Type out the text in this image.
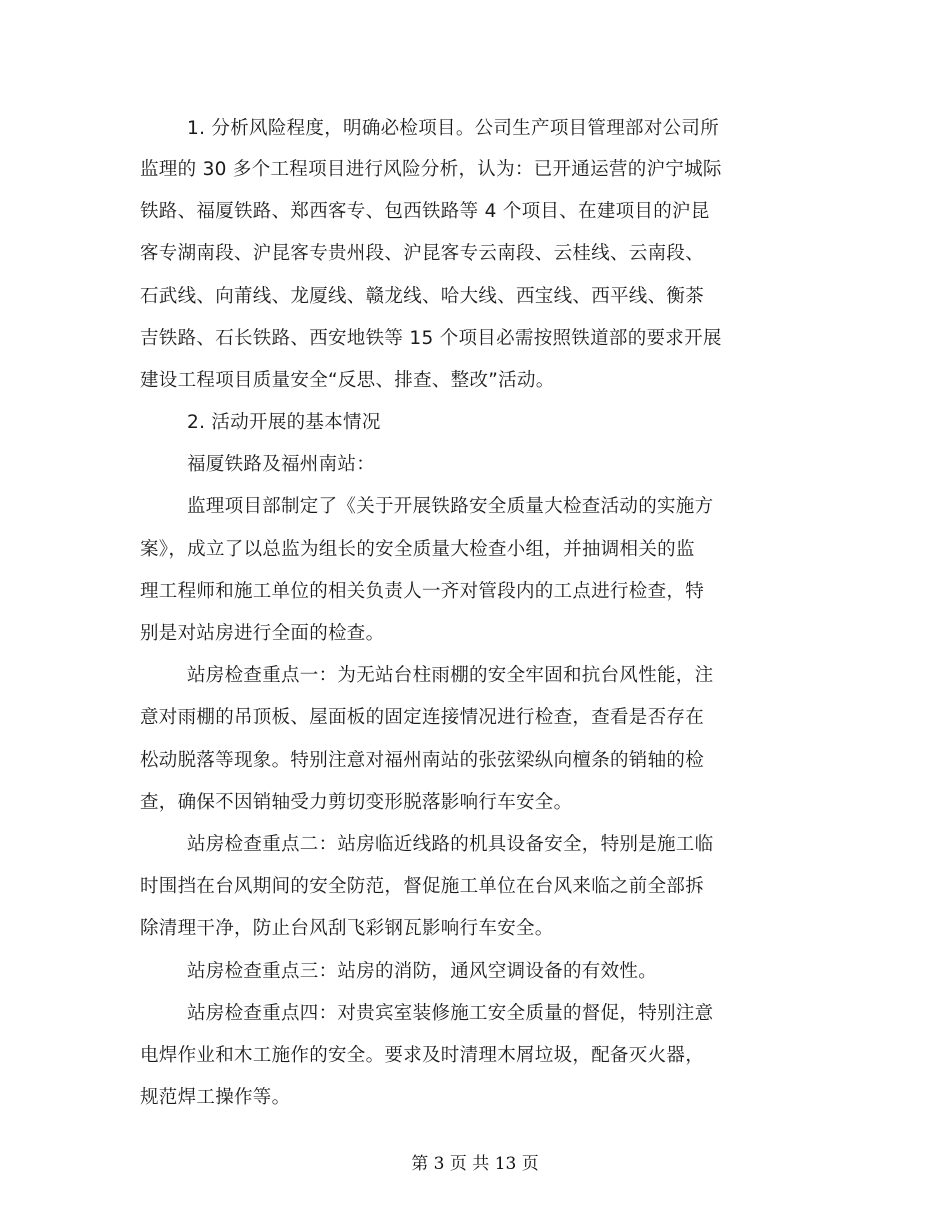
1. 分析风险程度，明确必检项目。公司生产项目管理部对公司所
监理的 30 多个工程项目进行风险分析，认为：已开通运营的沪宁城际
铁路、福厦铁路、郑西客专、包西铁路等 4 个项目、在建项目的沪昆
客专湖南段、沪昆客专贵州段、沪昆客专云南段、云桂线、云南段、
石武线、向莆线、龙厦线、赣龙线、哈大线、西宝线、西平线、衡茶
吉铁路、石长铁路、西安地铁等 15 个项目必需按照铁道部的要求开展
建设工程项目质量安全“反思、排查、整改”活动。
2. 活动开展的基本情况
福厦铁路及福州南站：
监理项目部制定了《关于开展铁路安全质量大检查活动的实施方
案》，成立了以总监为组长的安全质量大检查小组，并抽调相关的监
理工程师和施工单位的相关负责人一齐对管段内的工点进行检查，特
别是对站房进行全面的检查。
站房检查重点一：为无站台柱雨棚的安全牢固和抗台风性能，注
意对雨棚的吊顶板、屋面板的固定连接情况进行检查，查看是否存在
松动脱落等现象。特别注意对福州南站的张弦梁纵向檀条的销轴的检
查，确保不因销轴受力剪切变形脱落影响行车安全。
站房检查重点二：站房临近线路的机具设备安全，特别是施工临
时围挡在台风期间的安全防范，督促施工单位在台风来临之前全部拆
除清理干净，防止台风刮飞彩钢瓦影响行车安全。
站房检查重点三：站房的消防，通风空调设备的有效性。
站房检查重点四：对贵宾室装修施工安全质量的督促，特别注意
电焊作业和木工施作的安全。要求及时清理木屑垃圾，配备灭火器，
规范焊工操作等。
第 3 页 共 13 页
